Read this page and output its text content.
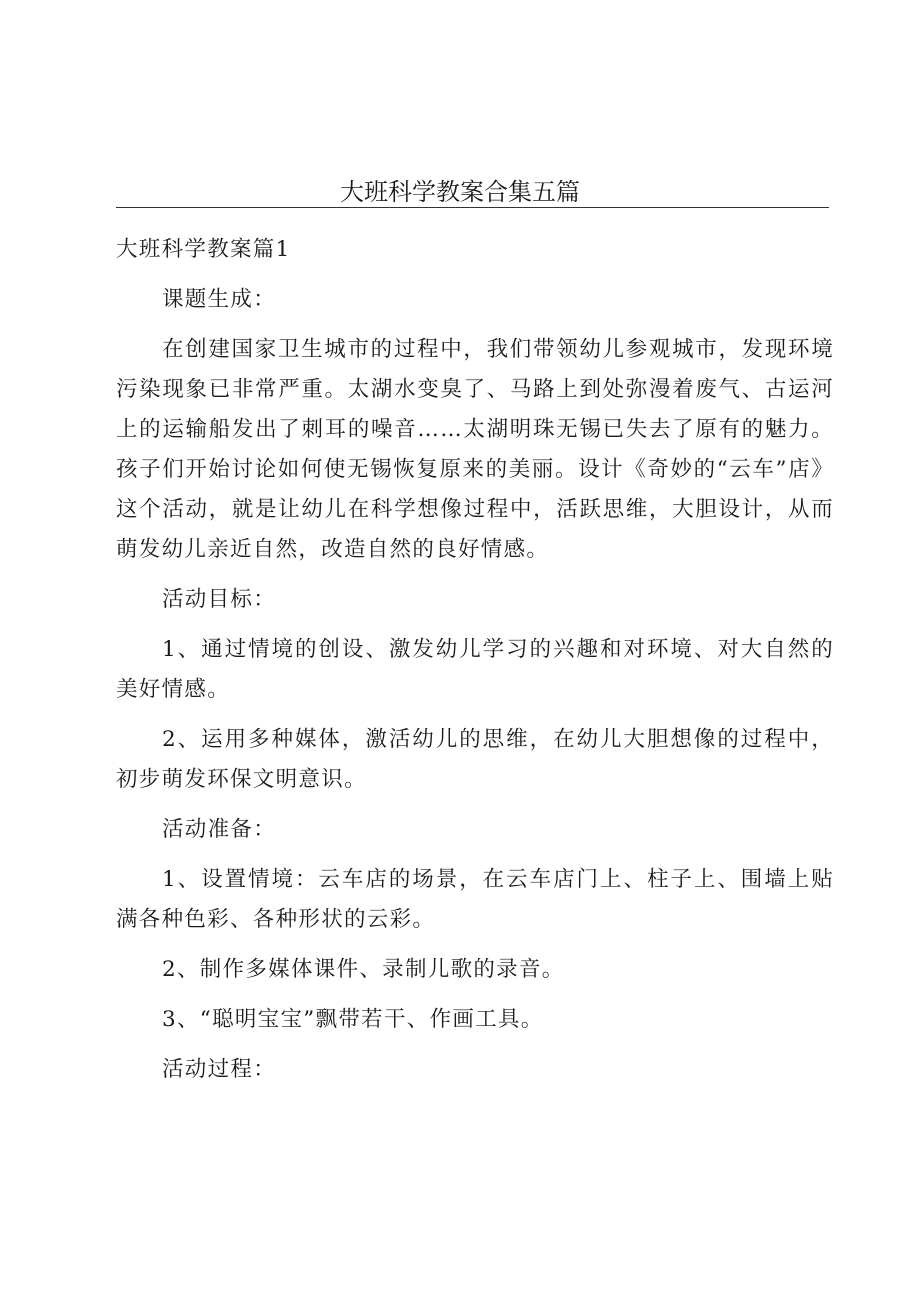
大班科学教案合集五篇

大班科学教案篇1

课题生成：

在创建国家卫生城市的过程中，我们带领幼儿参观城市，发现环境污染现象已非常严重。太湖水变臭了、马路上到处弥漫着废气、古运河上的运输船发出了刺耳的噪音……太湖明珠无锡已失去了原有的魅力。孩子们开始讨论如何使无锡恢复原来的美丽。设计《奇妙的“云车”店》这个活动，就是让幼儿在科学想像过程中，活跃思维，大胆设计，从而萌发幼儿亲近自然，改造自然的良好情感。

活动目标：

1、通过情境的创设、激发幼儿学习的兴趣和对环境、对大自然的美好情感。

2、运用多种媒体，激活幼儿的思维，在幼儿大胆想像的过程中，初步萌发环保文明意识。

活动准备：

1、设置情境：云车店的场景，在云车店门上、柱子上、围墙上贴满各种色彩、各种形状的云彩。

2、制作多媒体课件、录制儿歌的录音。

3、“聪明宝宝”飘带若干、作画工具。

活动过程：
